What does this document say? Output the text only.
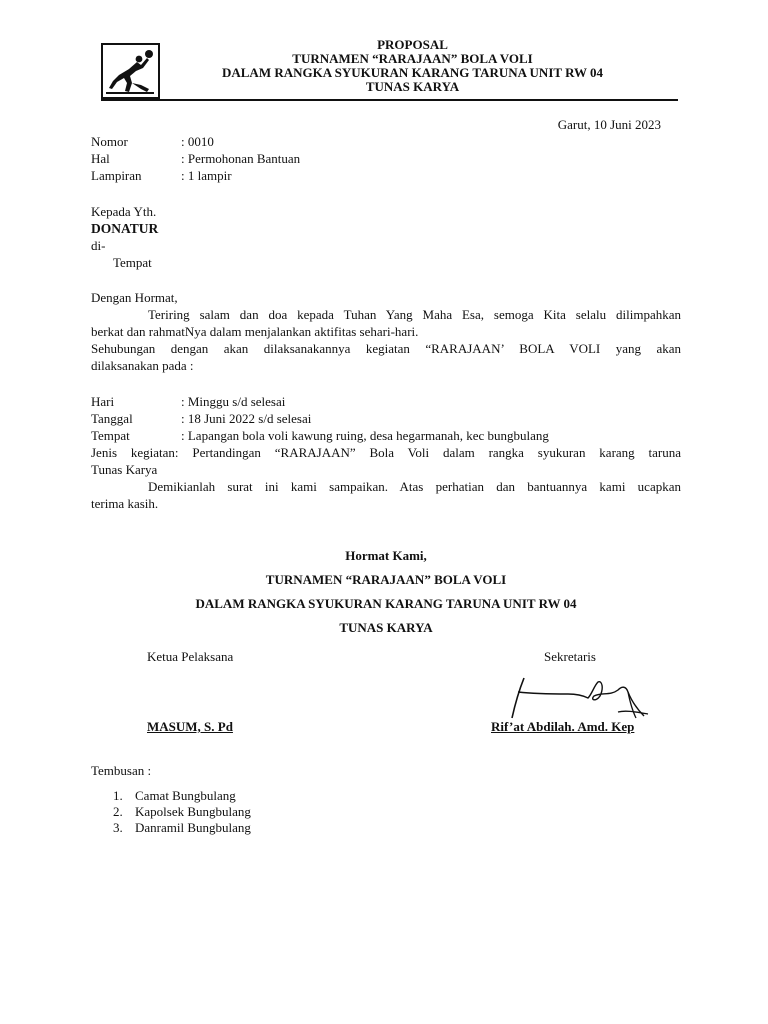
PROPOSAL
TURNAMEN “RARAJAAN” BOLA VOLI
DALAM RANGKA SYUKURAN KARANG TARUNA UNIT RW 04
TUNAS KARYA
Garut, 10 Juni 2023
Nomor	: 0010
Hal	: Permohonan Bantuan
Lampiran	: 1 lampir
Kepada Yth.
DONATUR
di-
Tempat
Dengan Hormat,
Teriring salam dan doa kepada Tuhan Yang Maha Esa, semoga Kita selalu dilimpahkan
berkat dan rahmatNya dalam menjalankan aktifitas sehari-hari.
Sehubungan dengan akan dilaksanakannya kegiatan “RARAJAAN’ BOLA VOLI yang akan
dilaksanakan pada :
Hari	: Minggu s/d selesai
Tanggal	: 18 Juni 2022 s/d selesai
Tempat	: Lapangan bola voli kawung ruing, desa hegarmanah, kec bungbulang
Jenis kegiatan: Pertandingan “RARAJAAN” Bola Voli dalam rangka syukuran karang taruna
Tunas Karya
Demikianlah surat ini kami sampaikan. Atas perhatian dan bantuannya kami ucapkan
terima kasih.
Hormat Kami,
TURNAMEN “RARAJAAN” BOLA VOLI
DALAM RANGKA SYUKURAN KARANG TARUNA UNIT RW 04
TUNAS KARYA
Ketua Pelaksana	Sekretaris
MASUM, S. Pd	Rif’at Abdilah. Amd. Kep
Tembusan :
1. Camat Bungbulang
2. Kapolsek Bungbulang
3. Danramil Bungbulang
